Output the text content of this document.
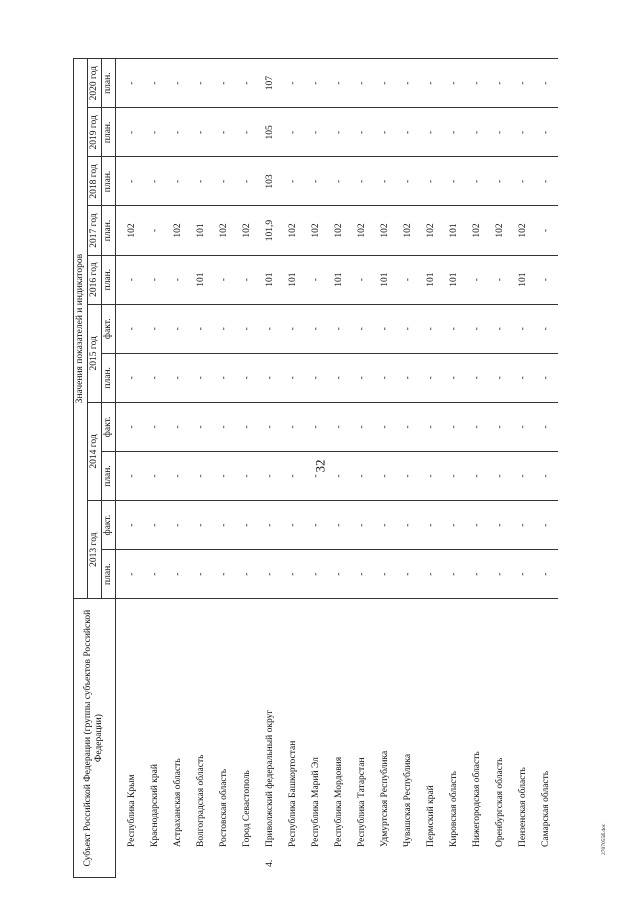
32
Субъект Российской Федерации (группы субъектов Российской Федерации)		Значения показателей и индикаторов										
		2013 год		2014 год		2015 год		2016 год	2017 год	2018 год	2019 год	2020 год
		план.	факт.	план.	факт.	план.	факт.	план.	план.	план.	план.	план.
	Республика Крым	-	-	-	-	-	-	-	102	-	-	-
	Краснодарский край	-	-	-	-	-	-	-	-	-	-	-
	Астраханская область	-	-	-	-	-	-	-	102	-	-	-
	Волгоградская область	-	-	-	-	-	-	101	101	-	-	-
	Ростовская область	-	-	-	-	-	-	-	102	-	-	-
	Город Севастополь	-	-	-	-	-	-	-	102	-	-	-
4.	Приволжский федеральный округ	-	-	-	-	-	-	101	101,9	103	105	107
	Республика Башкортостан	-	-	-	-	-	-	101	102	-	-	-
	Республика Марий Эл	-	-	-	-	-	-	-	102	-	-	-
	Республика Мордовия	-	-	-	-	-	-	101	102	-	-	-
	Республика Татарстан	-	-	-	-	-	-	-	102	-	-	-
	Удмуртская Республика	-	-	-	-	-	-	101	102	-	-	-
	Чувашская Республика	-	-	-	-	-	-	-	102	-	-	-
	Пермский край	-	-	-	-	-	-	101	102	-	-	-
	Кировская область	-	-	-	-	-	-	101	101	-	-	-
	Нижегородская область	-	-	-	-	-	-	-	102	-	-	-
	Оренбургская область	-	-	-	-	-	-	-	102	-	-	-
	Пензенская область	-	-	-	-	-	-	101	102	-	-	-
	Самарская область	-	-	-	-	-	-	-	-	-	-	-
2707055ß.doc
